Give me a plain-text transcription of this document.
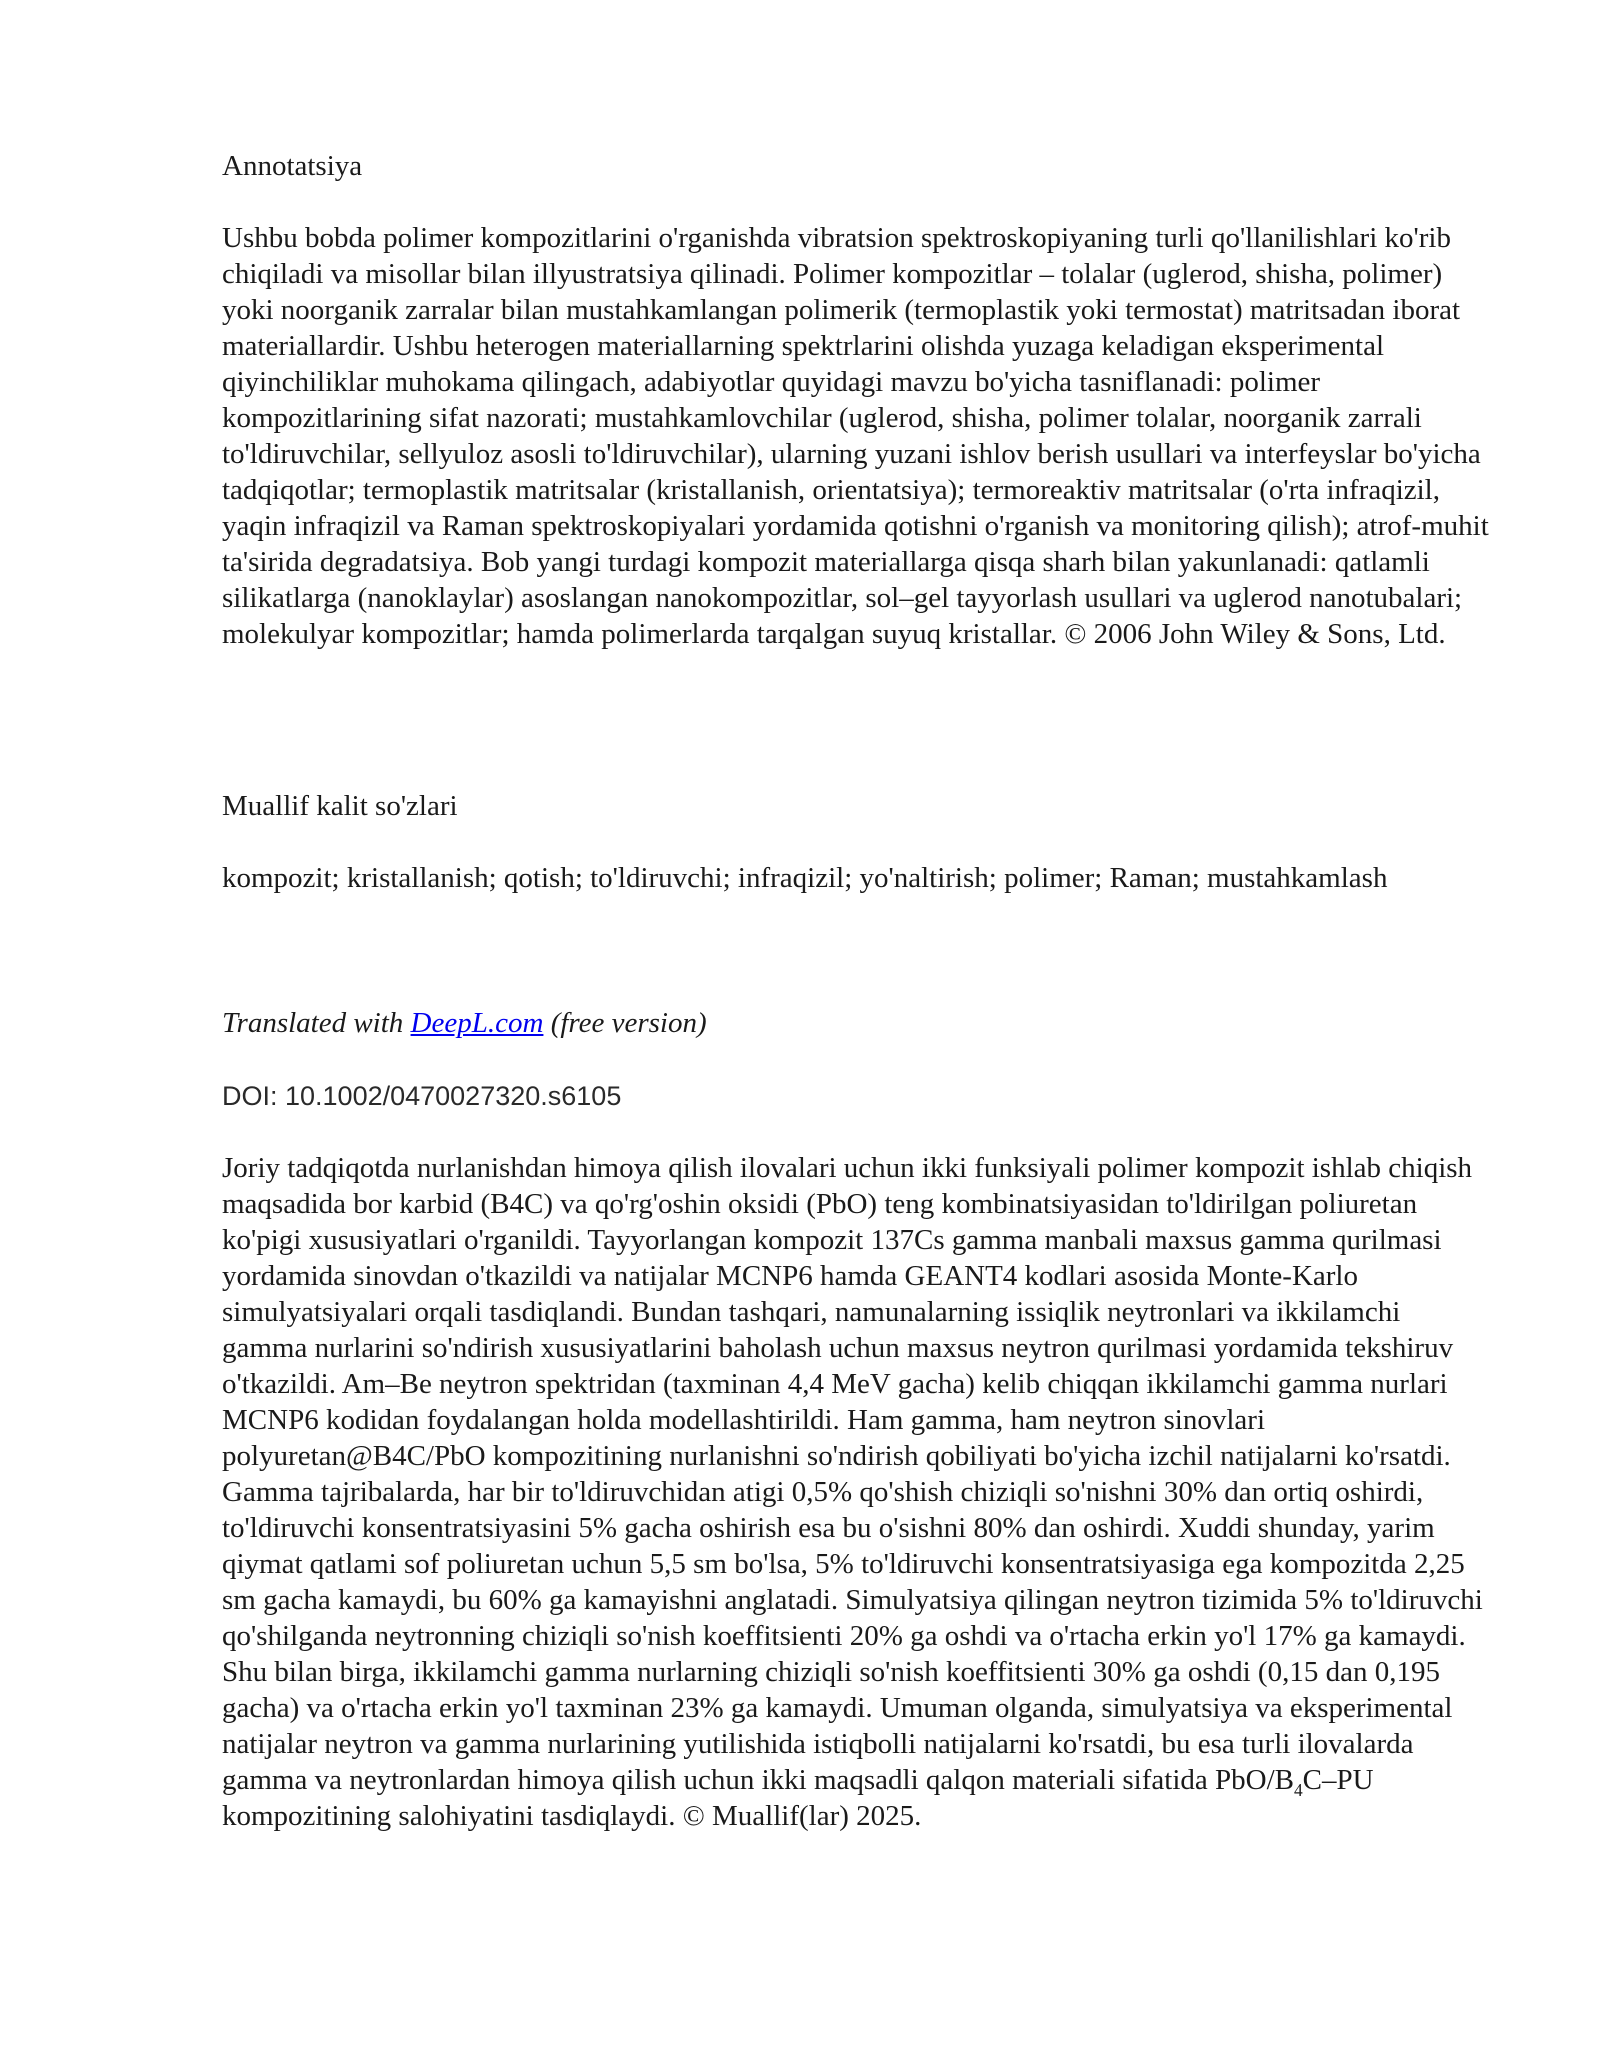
Annotatsiya

Ushbu bobda polimer kompozitlarini o'rganishda vibratsion spektroskopiyaning turli qo'llanilishlari ko'rib chiqiladi va misollar bilan illyustratsiya qilinadi. Polimer kompozitlar – tolalar (uglerod, shisha, polimer) yoki noorganik zarralar bilan mustahkamlangan polimerik (termoplastik yoki termostat) matritsadan iborat materiallardir. Ushbu heterogen materiallarning spektrlarini olishda yuzaga keladigan eksperimental qiyinchiliklar muhokama qilingach, adabiyotlar quyidagi mavzu bo'yicha tasniflanadi: polimer kompozitlarining sifat nazorati; mustahkamlovchilar (uglerod, shisha, polimer tolalar, noorganik zarrali to'ldiruvchilar, sellyuloz asosli to'ldiruvchilar), ularning yuzani ishlov berish usullari va interfeyslar bo'yicha tadqiqotlar; termoplastik matritsalar (kristallanish, orientatsiya); termoreaktiv matritsalar (o'rta infraqizil, yaqin infraqizil va Raman spektroskopiyalari yordamida qotishni o'rganish va monitoring qilish); atrof-muhit ta'sirida degradatsiya. Bob yangi turdagi kompozit materiallarga qisqa sharh bilan yakunlanadi: qatlamli silikatlarga (nanoklaylar) asoslangan nanokompozitlar, sol–gel tayyorlash usullari va uglerod nanotubalari; molekulyar kompozitlar; hamda polimerlarda tarqalgan suyuq kristallar. © 2006 John Wiley & Sons, Ltd.

Muallif kalit so'zlari
kompozit; kristallanish; qotish; to'ldiruvchi; infraqizil; yo'naltirish; polimer; Raman; mustahkamlash
Translated with DeepL.com (free version)
DOI: 10.1002/0470027320.s6105

Joriy tadqiqotda nurlanishdan himoya qilish ilovalari uchun ikki funksiyali polimer kompozit ishlab chiqish maqsadida bor karbid (B4C) va qo'rg'oshin oksidi (PbO) teng kombinatsiyasidan to'ldirilgan poliuretan ko'pigi xususiyatlari o'rganildi. Tayyorlangan kompozit 137Cs gamma manbali maxsus gamma qurilmasi yordamida sinovdan o'tkazildi va natijalar MCNP6 hamda GEANT4 kodlari asosida Monte-Karlo simulyatsiyalari orqali tasdiqlandi. Bundan tashqari, namunalarning issiqlik neytronlari va ikkilamchi gamma nurlarini so'ndirish xususiyatlarini baholash uchun maxsus neytron qurilmasi yordamida tekshiruv o'tkazildi. Am–Be neytron spektridan (taxminan 4,4 MeV gacha) kelib chiqqan ikkilamchi gamma nurlari MCNP6 kodidan foydalangan holda modellashtirildi. Ham gamma, ham neytron sinovlari polyuretan@B4C/PbO kompozitining nurlanishni so'ndirish qobiliyati bo'yicha izchil natijalarni ko'rsatdi. Gamma tajribalarda, har bir to'ldiruvchidan atigi 0,5% qo'shish chiziqli so'nishni 30% dan ortiq oshirdi, to'ldiruvchi konsentratsiyasini 5% gacha oshirish esa bu o'sishni 80% dan oshirdi. Xuddi shunday, yarim qiymat qatlami sof poliuretan uchun 5,5 sm bo'lsa, 5% to'ldiruvchi konsentratsiyasiga ega kompozitda 2,25 sm gacha kamaydi, bu 60% ga kamayishni anglatadi. Simulyatsiya qilingan neytron tizimida 5% to'ldiruvchi qo'shilganda neytronning chiziqli so'nish koeffitsienti 20% ga oshdi va o'rtacha erkin yo'l 17% ga kamaydi. Shu bilan birga, ikkilamchi gamma nurlarning chiziqli so'nish koeffitsienti 30% ga oshdi (0,15 dan 0,195 gacha) va o'rtacha erkin yo'l taxminan 23% ga kamaydi. Umuman olganda, simulyatsiya va eksperimental natijalar neytron va gamma nurlarining yutilishida istiqbolli natijalarni ko'rsatdi, bu esa turli ilovalarda gamma va neytronlardan himoya qilish uchun ikki maqsadli qalqon materiali sifatida PbO/$B_4C-PU$ kompozitining salohiyatini tasdiqlaydi. © Muallif(lar) 2025.
